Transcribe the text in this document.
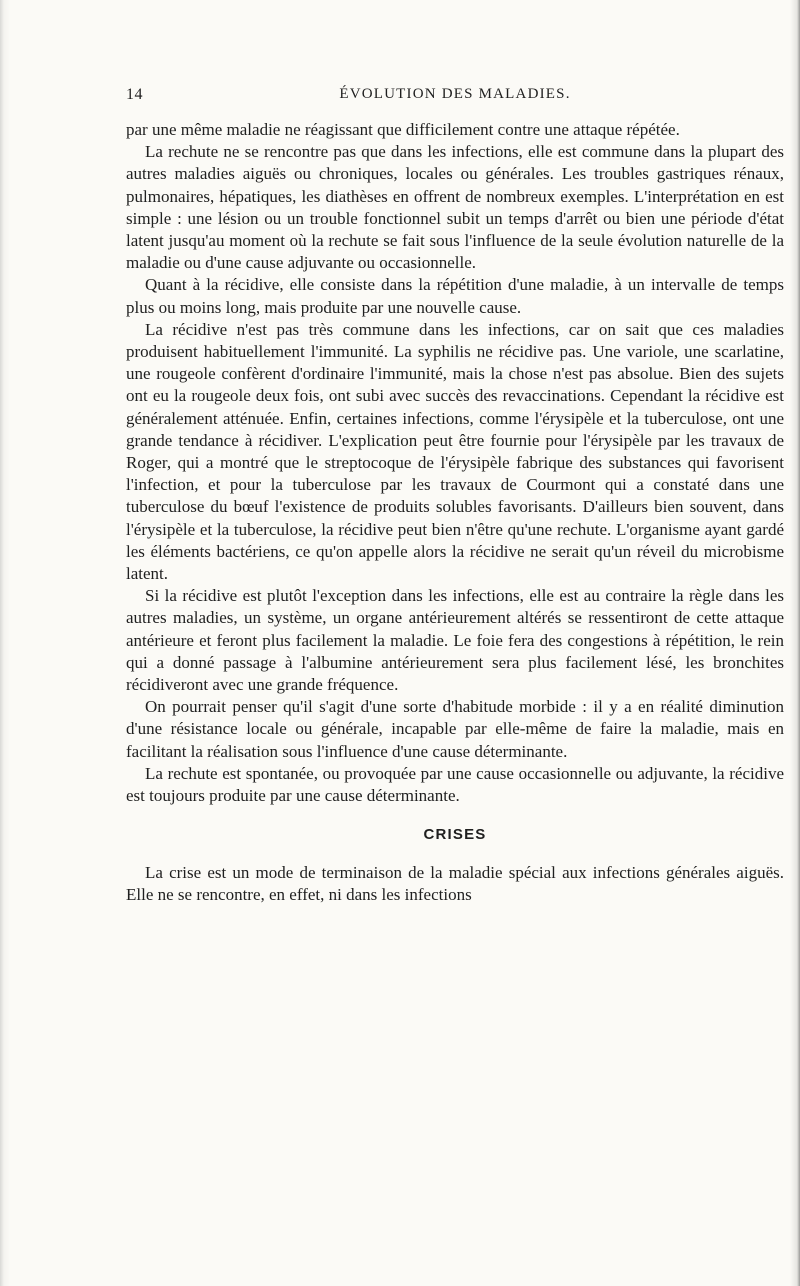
14	ÉVOLUTION DES MALADIES.

par une même maladie ne réagissant que difficilement contre une attaque répétée.

La rechute ne se rencontre pas que dans les infections, elle est commune dans la plupart des autres maladies aiguës ou chroniques, locales ou générales. Les troubles gastriques rénaux, pulmonaires, hépatiques, les diathèses en offrent de nombreux exemples. L'interprétation en est simple : une lésion ou un trouble fonctionnel subit un temps d'arrêt ou bien une période d'état latent jusqu'au moment où la rechute se fait sous l'influence de la seule évolution naturelle de la maladie ou d'une cause adjuvante ou occasionnelle.

Quant à la récidive, elle consiste dans la répétition d'une maladie, à un intervalle de temps plus ou moins long, mais produite par une nouvelle cause.

La récidive n'est pas très commune dans les infections, car on sait que ces maladies produisent habituellement l'immunité. La syphilis ne récidive pas. Une variole, une scarlatine, une rougeole confèrent d'ordinaire l'immunité, mais la chose n'est pas absolue. Bien des sujets ont eu la rougeole deux fois, ont subi avec succès des revaccinations. Cependant la récidive est généralement atténuée. Enfin, certaines infections, comme l'érysipèle et la tuberculose, ont une grande tendance à récidiver. L'explication peut être fournie pour l'érysipèle par les travaux de Roger, qui a montré que le streptocoque de l'érysipèle fabrique des substances qui favorisent l'infection, et pour la tuberculose par les travaux de Courmont qui a constaté dans une tuberculose du bœuf l'existence de produits solubles favorisants. D'ailleurs bien souvent, dans l'érysipèle et la tuberculose, la récidive peut bien n'être qu'une rechute. L'organisme ayant gardé les éléments bactériens, ce qu'on appelle alors la récidive ne serait qu'un réveil du microbisme latent.

Si la récidive est plutôt l'exception dans les infections, elle est au contraire la règle dans les autres maladies, un système, un organe antérieurement altérés se ressentiront de cette attaque antérieure et feront plus facilement la maladie. Le foie fera des congestions à répétition, le rein qui a donné passage à l'albumine antérieurement sera plus facilement lésé, les bronchites récidiveront avec une grande fréquence.

On pourrait penser qu'il s'agit d'une sorte d'habitude morbide : il y a en réalité diminution d'une résistance locale ou générale, incapable par elle-même de faire la maladie, mais en facilitant la réalisation sous l'influence d'une cause déterminante.

La rechute est spontanée, ou provoquée par une cause occasionnelle ou adjuvante, la récidive est toujours produite par une cause déterminante.

CRISES

La crise est un mode de terminaison de la maladie spécial aux infections générales aiguës. Elle ne se rencontre, en effet, ni dans les infections
